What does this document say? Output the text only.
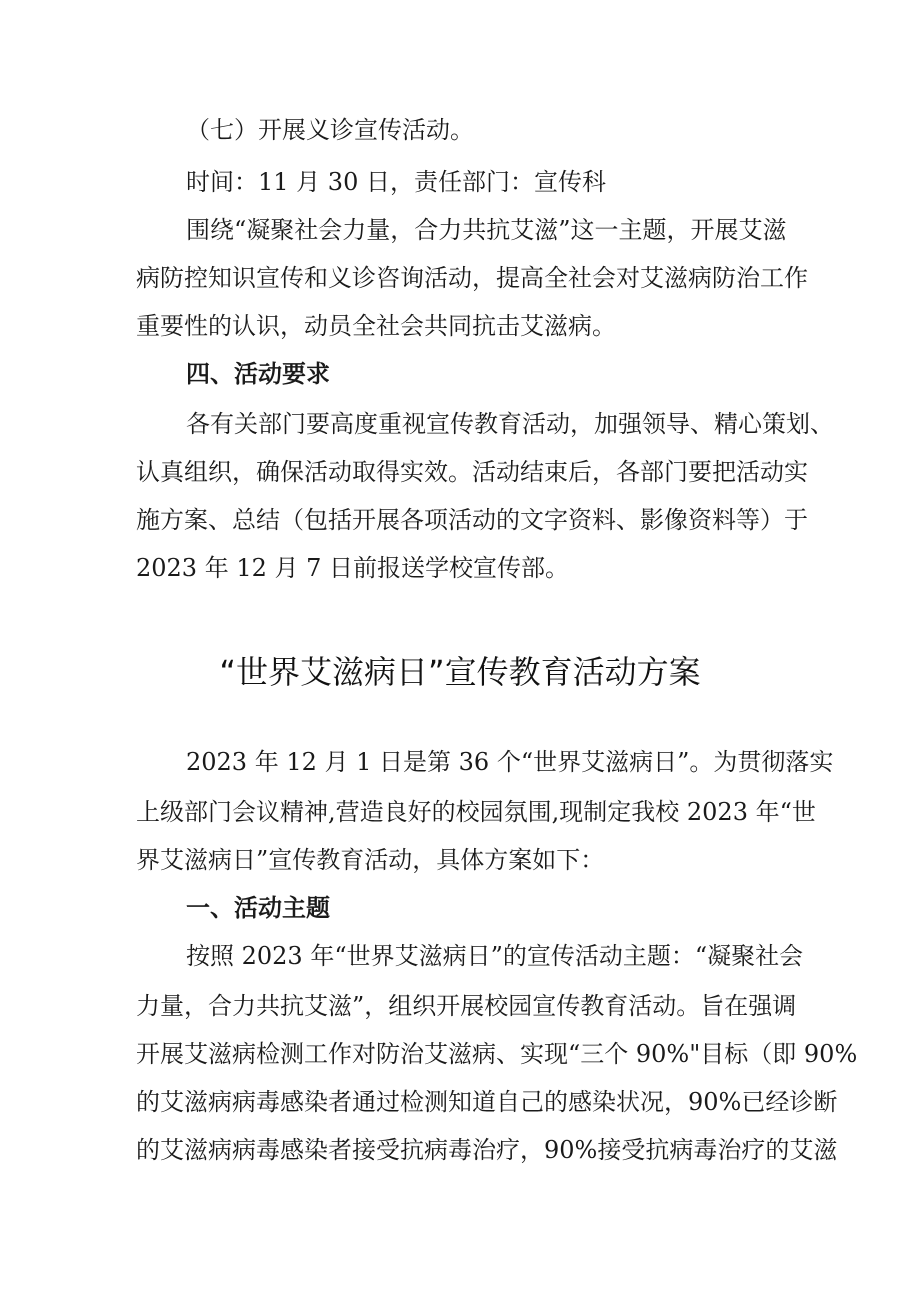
（七）开展义诊宣传活动。
时间：11 月 30 日，责任部门：宣传科
围绕“凝聚社会力量，合力共抗艾滋”这一主题，开展艾滋
病防控知识宣传和义诊咨询活动，提高全社会对艾滋病防治工作
重要性的认识，动员全社会共同抗击艾滋病。
四、活动要求
各有关部门要高度重视宣传教育活动，加强领导、精心策划、
认真组织，确保活动取得实效。活动结束后，各部门要把活动实
施方案、总结（包括开展各项活动的文字资料、影像资料等）于
2023 年 12 月 7 日前报送学校宣传部。
“世界艾滋病日”宣传教育活动方案
2023 年 12 月 1 日是第 36 个“世界艾滋病日”。为贯彻落实
上级部门会议精神,营造良好的校园氛围,现制定我校 2023 年“世
界艾滋病日”宣传教育活动，具体方案如下：
一、活动主题
按照 2023 年“世界艾滋病日”的宣传活动主题：“凝聚社会
力量，合力共抗艾滋”，组织开展校园宣传教育活动。旨在强调
开展艾滋病检测工作对防治艾滋病、实现“三个 90%"目标（即 90%
的艾滋病病毒感染者通过检测知道自己的感染状况，90%已经诊断
的艾滋病病毒感染者接受抗病毒治疗，90%接受抗病毒治疗的艾滋
